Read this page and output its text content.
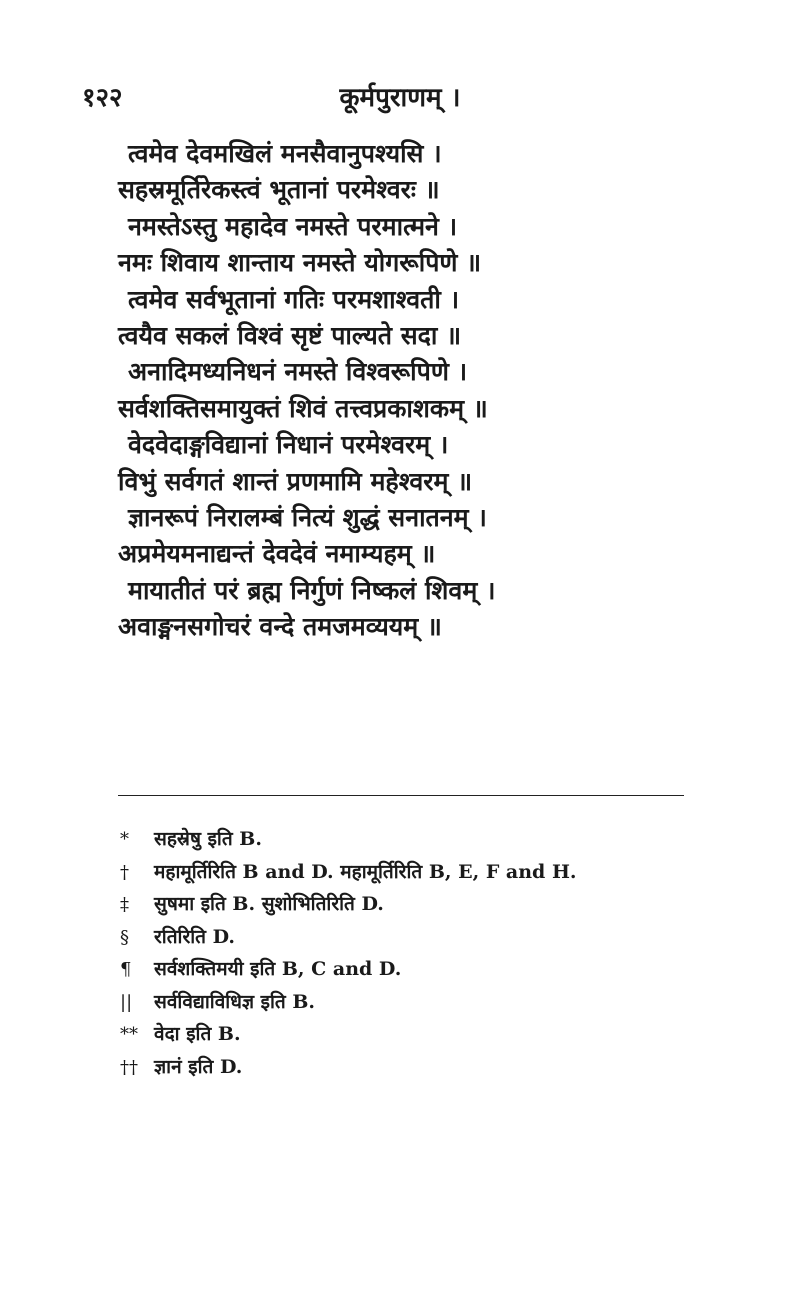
१२२	कूर्मपुराणम् ।
त्वमेव देवमखिलं मनसैवानुपश्यसि ।
सहस्रमूर्तिरेकस्त्वं भूतानां परमेश्वरः ॥
नमस्तेऽस्तु महादेव नमस्ते परमात्मने ।
नमः शिवाय शान्ताय नमस्ते योगरूपिणे ॥
त्वमेव सर्वभूतानां गतिः परमशाश्वती ।
त्वयैव सकलं विश्वं सृष्टं पाल्यते सदा ॥
अनादिमध्यनिधनं नमस्ते विश्वरूपिणे ।
सर्वशक्तिसमायुक्तं शिवं तत्त्वप्रकाशकम् ॥
वेदवेदाङ्गविद्यानां निधानं परमेश्वरम् ।
विभुं सर्वगतं शान्तं प्रणमामि महेश्वरम् ॥
ज्ञानरूपं निरालम्बं नित्यं शुद्धं सनातनम् ।
अप्रमेयमनाद्यन्तं देवदेवं नमाम्यहम् ॥
मायातीतं परं ब्रह्म निर्गुणं निष्कलं शिवम् ।
अवाङ्मनसगोचरं वन्दे तमजमव्ययम् ॥
* सहस्रेषु इति B.
† महामूर्तिरिति B and D. महामूर्तिरिति B, E, F and H.
‡ सुषमा इति B. सुशोभितिरिति D.
§ रतिरिति D.
¶ सर्वशक्तिमयी इति B, C and D.
|| सर्वविद्याविधिज्ञ इति B.
** वेदा इति B.
†† ज्ञानं इति D.
